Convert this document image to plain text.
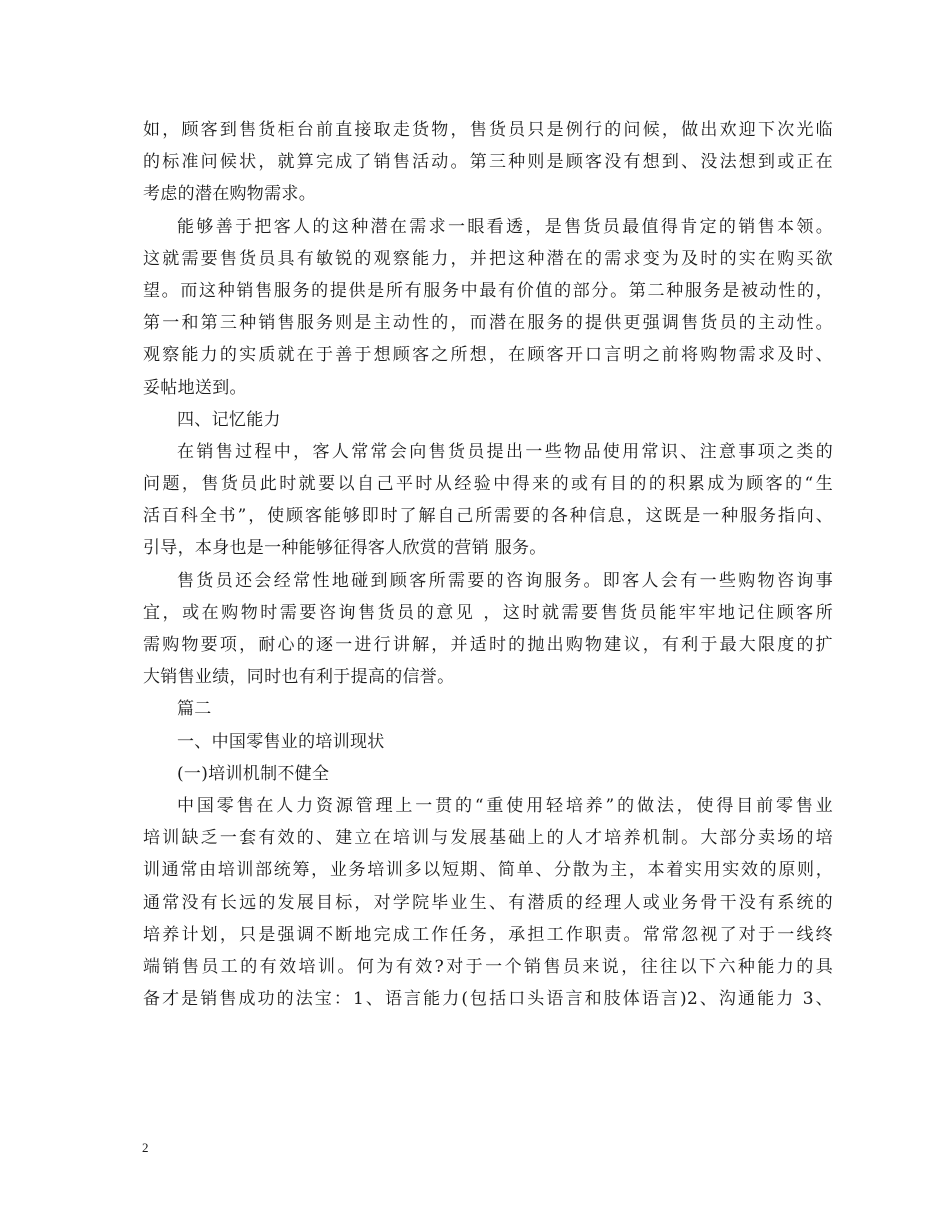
如，顾客到售货柜台前直接取走货物，售货员只是例行的问候，做出欢迎下次光临
的标准问候状，就算完成了销售活动。第三种则是顾客没有想到、没法想到或正在
考虑的潜在购物需求。
能够善于把客人的这种潜在需求一眼看透，是售货员最值得肯定的销售本领。
这就需要售货员具有敏锐的观察能力，并把这种潜在的需求变为及时的实在购买欲
望。而这种销售服务的提供是所有服务中最有价值的部分。第二种服务是被动性的，
第一和第三种销售服务则是主动性的，而潜在服务的提供更强调售货员的主动性。
观察能力的实质就在于善于想顾客之所想，在顾客开口言明之前将购物需求及时、
妥帖地送到。
四、记忆能力
在销售过程中，客人常常会向售货员提出一些物品使用常识、注意事项之类的
问题，售货员此时就要以自己平时从经验中得来的或有目的的积累成为顾客的“生
活百科全书”，使顾客能够即时了解自己所需要的各种信息，这既是一种服务指向、
引导，本身也是一种能够征得客人欣赏的营销 服务。
售货员还会经常性地碰到顾客所需要的咨询服务。即客人会有一些购物咨询事
宜，或在购物时需要咨询售货员的意见 ，这时就需要售货员能牢牢地记住顾客所
需购物要项，耐心的逐一进行讲解，并适时的抛出购物建议，有利于最大限度的扩
大销售业绩，同时也有利于提高的信誉。
篇二
一、中国零售业的培训现状
(一)培训机制不健全
中国零售在人力资源管理上一贯的“重使用轻培养”的做法，使得目前零售业
培训缺乏一套有效的、建立在培训与发展基础上的人才培养机制。大部分卖场的培
训通常由培训部统筹，业务培训多以短期、简单、分散为主，本着实用实效的原则，
通常没有长远的发展目标，对学院毕业生、有潜质的经理人或业务骨干没有系统的
培养计划，只是强调不断地完成工作任务，承担工作职责。常常忽视了对于一线终
端销售员工的有效培训。何为有效?对于一个销售员来说，往往以下六种能力的具
备才是销售成功的法宝：1、语言能力(包括口头语言和肢体语言)2、沟通能力 3、
2
